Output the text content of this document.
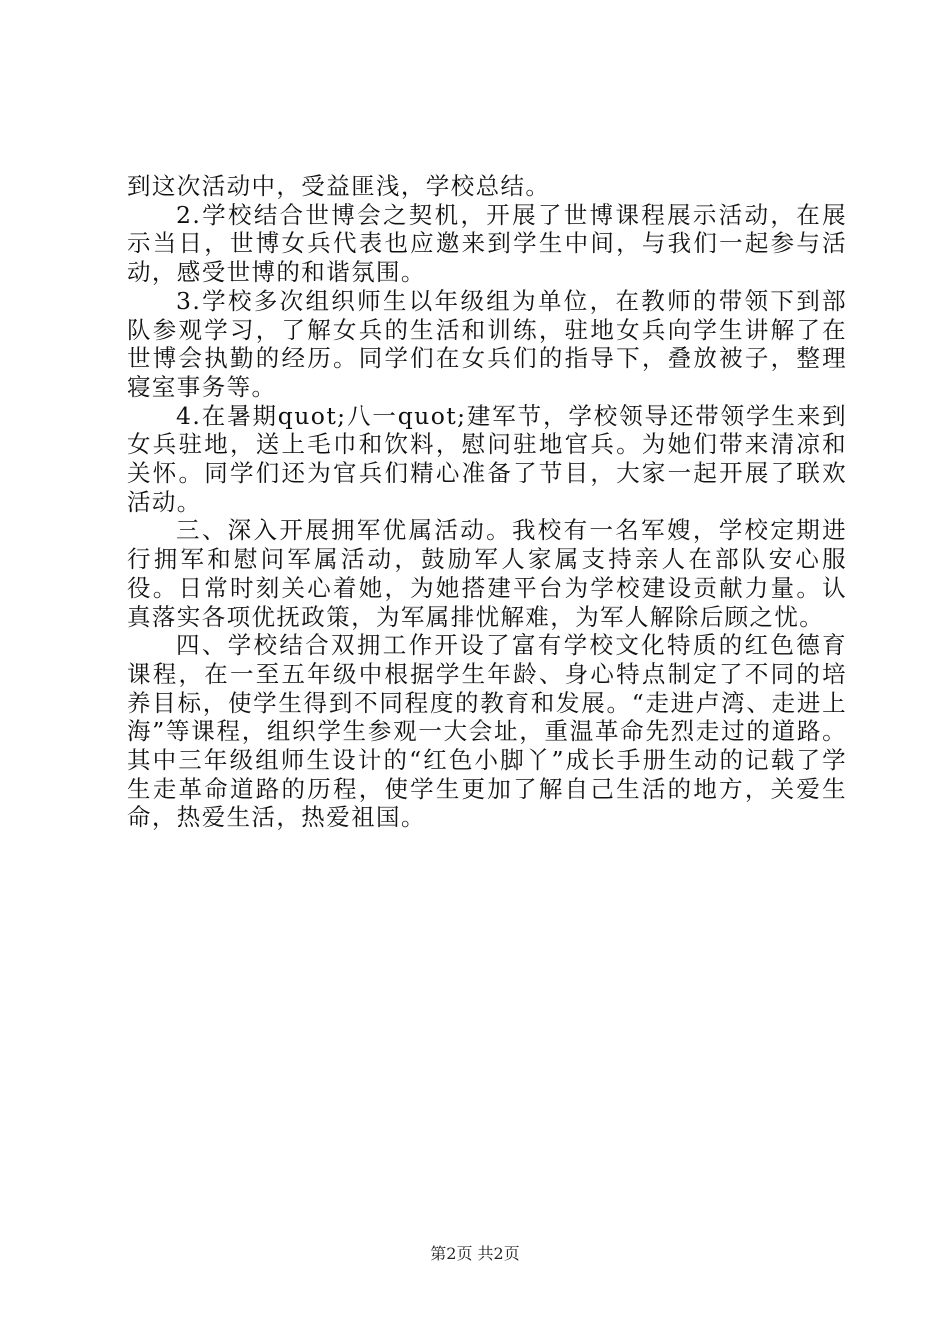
到这次活动中，受益匪浅，学校总结。

2.学校结合世博会之契机，开展了世博课程展示活动，在展示当日，世博女兵代表也应邀来到学生中间，与我们一起参与活动，感受世博的和谐氛围。

3.学校多次组织师生以年级组为单位，在教师的带领下到部队参观学习，了解女兵的生活和训练，驻地女兵向学生讲解了在世博会执勤的经历。同学们在女兵们的指导下，叠放被子，整理寝室事务等。

4.在暑期quot;八一quot;建军节，学校领导还带领学生来到女兵驻地，送上毛巾和饮料，慰问驻地官兵。为她们带来清凉和关怀。同学们还为官兵们精心准备了节目，大家一起开展了联欢活动。

三、深入开展拥军优属活动。我校有一名军嫂，学校定期进行拥军和慰问军属活动，鼓励军人家属支持亲人在部队安心服役。日常时刻关心着她，为她搭建平台为学校建设贡献力量。认真落实各项优抚政策，为军属排忧解难，为军人解除后顾之忧。

四、学校结合双拥工作开设了富有学校文化特质的红色德育课程，在一至五年级中根据学生年龄、身心特点制定了不同的培养目标，使学生得到不同程度的教育和发展。“走进卢湾、走进上海”等课程，组织学生参观一大会址，重温革命先烈走过的道路。其中三年级组师生设计的“红色小脚丫”成长手册生动的记载了学生走革命道路的历程，使学生更加了解自己生活的地方，关爱生命，热爱生活，热爱祖国。

第2页 共2页
